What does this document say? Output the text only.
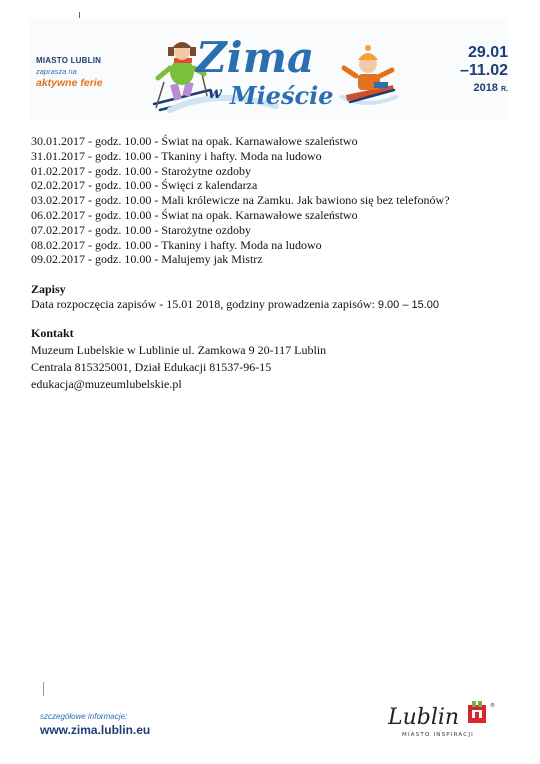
MIASTO LUBLIN
zaprasza na
aktywne ferie
Zima
w Mieście
29.01
–11.02
2018 R.
30.01.2017 - godz. 10.00 - Świat na opak. Karnawałowe szaleństwo
31.01.2017 - godz. 10.00 - Tkaniny i hafty. Moda na ludowo
01.02.2017 - godz. 10.00 - Starożytne ozdoby
02.02.2017 - godz. 10.00 - Święci z kalendarza
03.02.2017 - godz. 10.00 - Mali królewicze na Zamku. Jak bawiono się bez telefonów?
06.02.2017 - godz. 10.00 - Świat na opak. Karnawałowe szaleństwo
07.02.2017 - godz. 10.00 - Starożytne ozdoby
08.02.2017 - godz. 10.00 - Tkaniny i hafty. Moda na ludowo
09.02.2017 - godz. 10.00 - Malujemy jak Mistrz
Zapisy
Data rozpoczęcia zapisów - 15.01 2018, godziny prowadzenia zapisów: 9.00 – 15.00
Kontakt
Muzeum Lubelskie w Lublinie ul. Zamkowa 9 20-117 Lublin
Centrala 815325001, Dział Edukacji 81537-96-15
edukacja@muzeumlubelskie.pl
szczegółowe informacje:
www.zima.lublin.eu	Lublin	®
MIASTO INSPIRACJI
